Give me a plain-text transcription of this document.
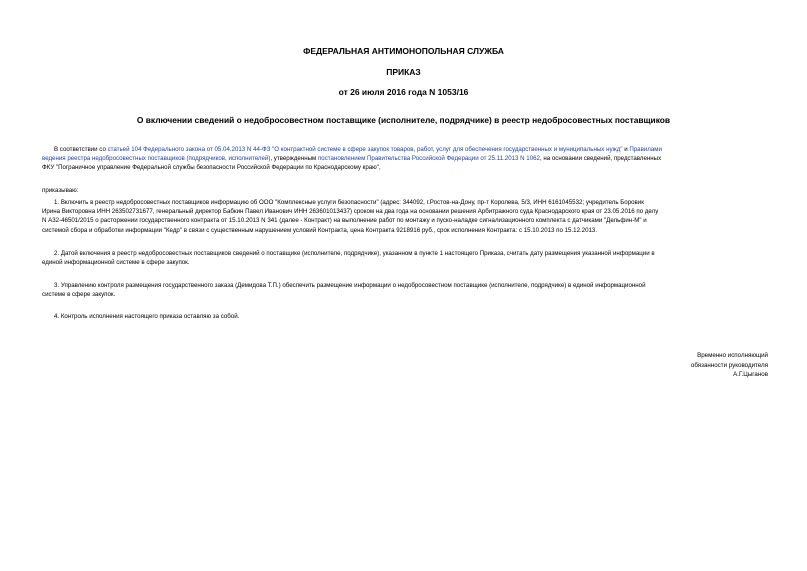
ФЕДЕРАЛЬНАЯ АНТИМОНОПОЛЬНАЯ СЛУЖБА
ПРИКАЗ
от 26 июля 2016 года N 1053/16
О включении сведений о недобросовестном поставщике (исполнителе, подрядчике) в реестр недобросовестных поставщиков
В соответствии со статьей 104 Федерального закона от 05.04.2013 N 44-ФЗ "О контрактной системе в сфере закупок товаров, работ, услуг для обеспечения государственных и муниципальных нужд" и Правилами
ведения реестра недобросовестных поставщиков (подрядчиков, исполнителей), утвержденным постановлением Правительства Российской Федерации от 25.11.2013 N 1062, на основании сведений, представленных
ФКУ "Пограничное управление Федеральной службы безопасности Российской Федерации по Краснодарскому краю",
приказываю:
1. Включить в реестр недобросовестных поставщиков информацию об ООО "Комплексные услуги безопасности" (адрес: 344092, г.Ростов-на-Дону, пр-т Королева, 5/3, ИНН 6161045532; учредитель Боровик
Ирина Викторовна ИНН 263502731677, генеральный директор Бабкин Павел Иванович ИНН 263601013437) сроком на два года на основании решения Арбитражного суда Краснодарского края от 23.05.2016 по делу
N А32-46501/2015 о расторжении государственного контракта от 15.10.2013 N 341 (далее - Контракт) на выполнение работ по монтажу и пуско-наладке сигнализационного комплекта с датчиками "Дельфин-М" и
системой сбора и обработки информации "Кедр" в связи с существенным нарушением условий Контракта, цена Контракта 9218916 руб., срок исполнения Контракта: с 15.10.2013 по 15.12.2013.
2. Датой включения в реестр недобросовестных поставщиков сведений о поставщике (исполнителе, подрядчике), указанном в пункте 1 настоящего Приказа, считать дату размещения указанной информации в
единой информационной системе в сфере закупок.
3. Управлению контроля размещения государственного заказа (Демидова Т.П.) обеспечить размещение информации о недобросовестном поставщике (исполнителе, подрядчике) в единой информационной
системе в сфере закупок.
4. Контроль исполнения настоящего приказа оставляю за собой.
Временно исполняющий
обязанности руководителя
А.Г.Цыганов
